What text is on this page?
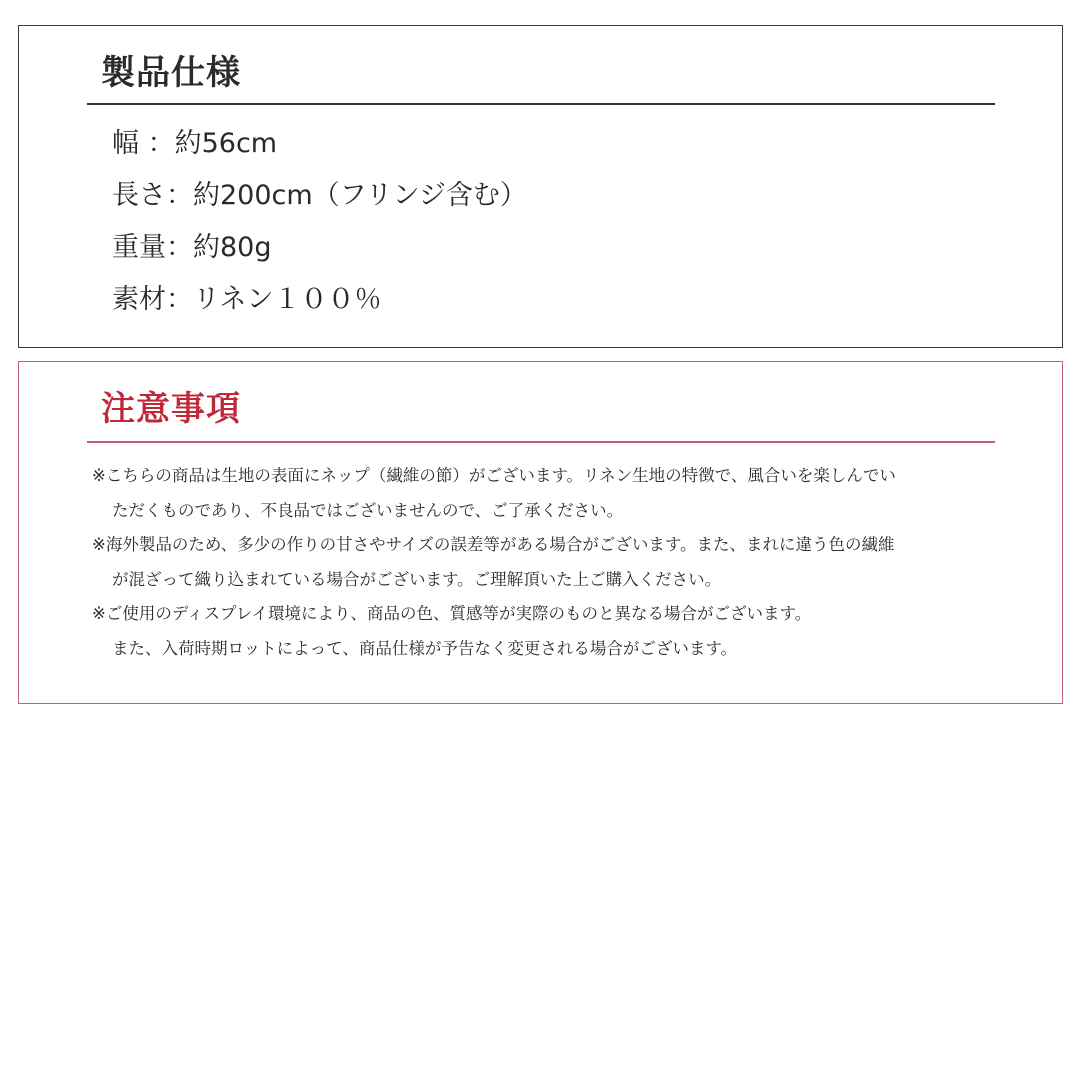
製品仕様
幅 ：約56cm
長さ：約200cm（フリンジ含む）
重量：約80g
素材：リネン１００％
注意事項
※こちらの商品は生地の表面にネップ（繊維の節）がございます。リネン生地の特徴で、風合いを楽しんでい
ただくものであり、不良品ではございませんので、ご了承ください。
※海外製品のため、多少の作りの甘さやサイズの誤差等がある場合がございます。また、まれに違う色の繊維
が混ざって織り込まれている場合がございます。ご理解頂いた上ご購入ください。
※ご使用のディスプレイ環境により、商品の色、質感等が実際のものと異なる場合がございます。
また、入荷時期ロットによって、商品仕様が予告なく変更される場合がございます。
